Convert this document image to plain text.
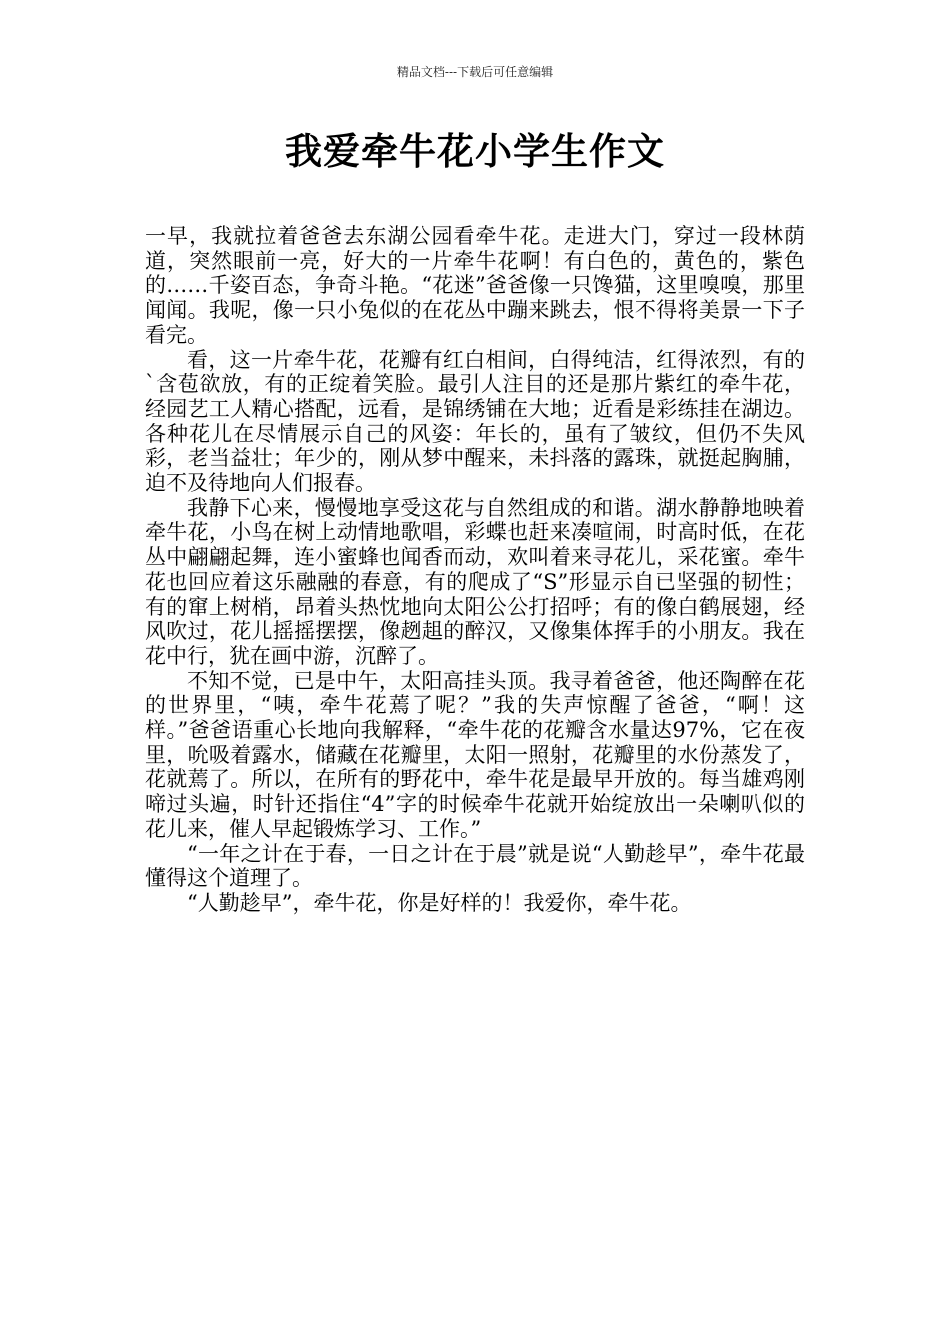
精品文档---下载后可任意编辑
我爱牵牛花小学生作文

一早，我就拉着爸爸去东湖公园看牵牛花。走进大门，穿过一段林荫道，突然眼前一亮，好大的一片牵牛花啊！有白色的，黄色的，紫色的……千姿百态，争奇斗艳。“花迷”爸爸像一只馋猫，这里嗅嗅，那里闻闻。我呢，像一只小兔似的在花丛中蹦来跳去，恨不得将美景一下子看完。

看，这一片牵牛花，花瓣有红白相间，白得纯洁，红得浓烈，有的`含苞欲放，有的正绽着笑脸。最引人注目的还是那片紫红的牵牛花，经园艺工人精心搭配，远看，是锦绣铺在大地；近看是彩练挂在湖边。各种花儿在尽情展示自己的风姿：年长的，虽有了皱纹，但仍不失风彩，老当益壮；年少的，刚从梦中醒来，未抖落的露珠，就挺起胸脯，迫不及待地向人们报春。

我静下心来，慢慢地享受这花与自然组成的和谐。湖水静静地映着牵牛花，小鸟在树上动情地歌唱，彩蝶也赶来凑喧闹，时高时低，在花丛中翩翩起舞，连小蜜蜂也闻香而动，欢叫着来寻花儿，采花蜜。牵牛花也回应着这乐融融的春意，有的爬成了“S”形显示自已坚强的韧性；有的窜上树梢，昂着头热忱地向太阳公公打招呼；有的像白鹤展翅，经风吹过，花儿摇摇摆摆，像趔趄的醉汉，又像集体挥手的小朋友。我在花中行，犹在画中游，沉醉了。

不知不觉，已是中午，太阳高挂头顶。我寻着爸爸，他还陶醉在花的世界里，“咦，牵牛花蔫了呢？”我的失声惊醒了爸爸，“啊！这样。”爸爸语重心长地向我解释，“牵牛花的花瓣含水量达97%，它在夜里，吮吸着露水，储藏在花瓣里，太阳一照射，花瓣里的水份蒸发了，花就蔫了。所以，在所有的野花中，牵牛花是最早开放的。每当雄鸡刚啼过头遍，时针还指住“4”字的时候牵牛花就开始绽放出一朵喇叭似的花儿来，催人早起锻炼学习、工作。”

“一年之计在于春，一日之计在于晨”就是说“人勤趁早”，牵牛花最懂得这个道理了。

“人勤趁早”，牵牛花，你是好样的！我爱你，牵牛花。
